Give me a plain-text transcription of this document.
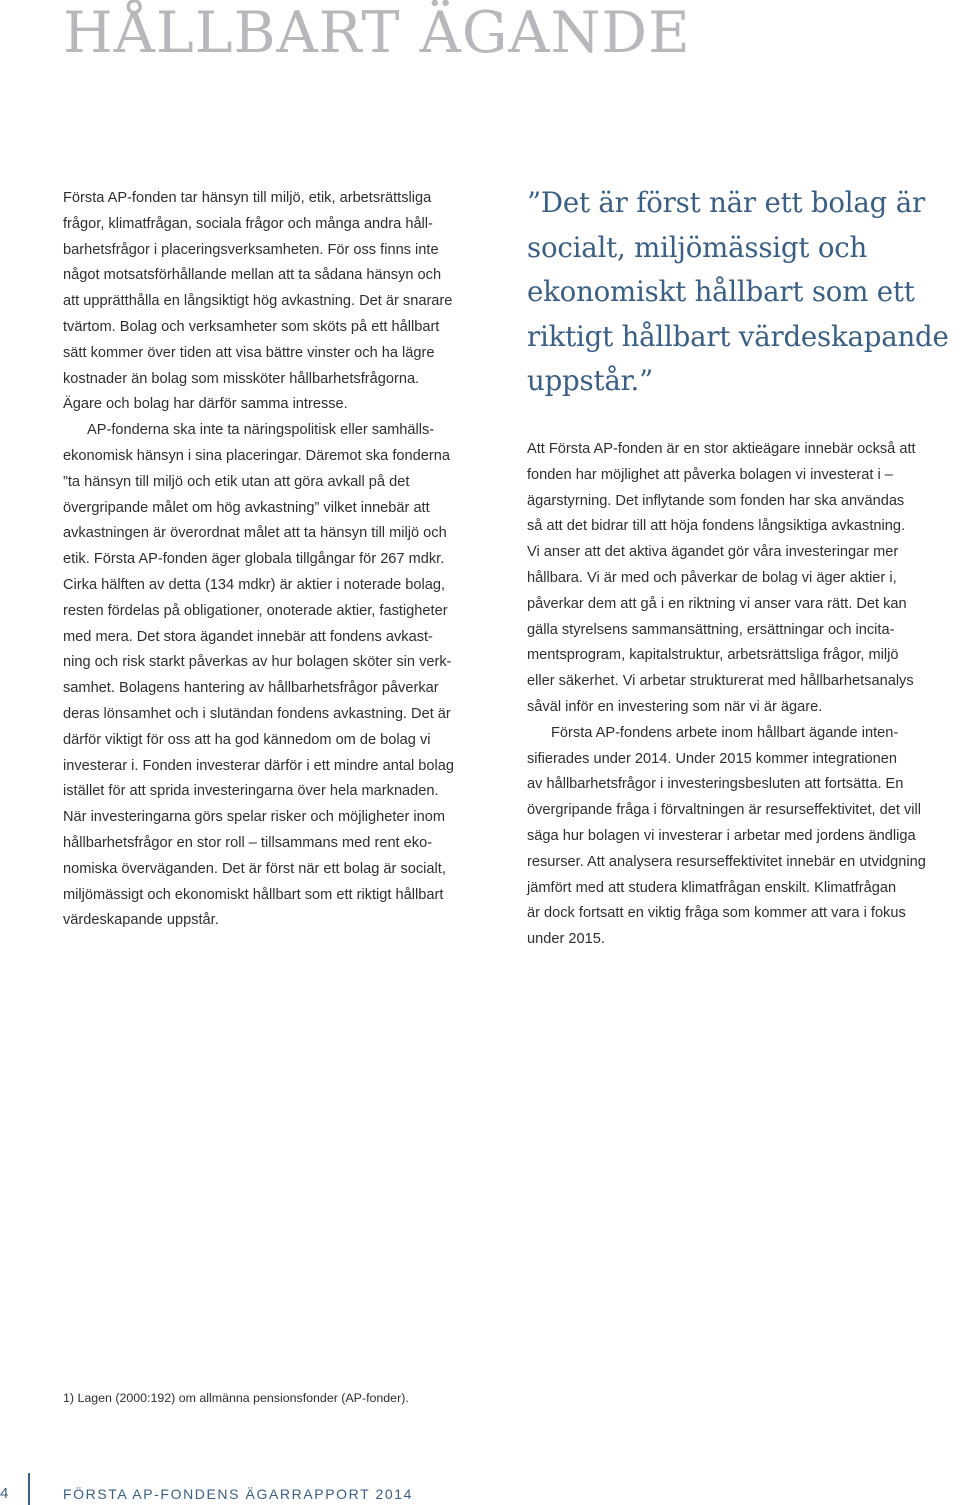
HÅLLBART ÄGANDE
Första AP-fonden tar hänsyn till miljö, etik, arbetsrättsliga
frågor, klimatfrågan, sociala frågor och många andra håll-
barhetsfrågor i placeringsverksamheten. För oss finns inte
något motsatsförhållande mellan att ta sådana hänsyn och
att upprätthålla en långsiktigt hög avkastning. Det är snarare
tvärtom. Bolag och verksamheter som sköts på ett hållbart
sätt kommer över tiden att visa bättre vinster och ha lägre
kostnader än bolag som missköter hållbarhetsfrågorna.
Ägare och bolag har därför samma intresse.
AP-fonderna ska inte ta näringspolitisk eller samhälls-
ekonomisk hänsyn i sina placeringar. Däremot ska fonderna
”ta hänsyn till miljö och etik utan att göra avkall på det
övergripande målet om hög avkastning” vilket innebär att
avkastningen är överordnat målet att ta hänsyn till miljö och
etik. Första AP-fonden äger globala tillgångar för 267 mdkr.
Cirka hälften av detta (134 mdkr) är aktier i noterade bolag,
resten fördelas på obligationer, onoterade aktier, fastigheter
med mera. Det stora ägandet innebär att fondens avkast-
ning och risk starkt påverkas av hur bolagen sköter sin verk-
samhet. Bolagens hantering av hållbarhetsfrågor påverkar
deras lönsamhet och i slutändan fondens avkastning. Det är
därför viktigt för oss att ha god kännedom om de bolag vi
investerar i. Fonden investerar därför i ett mindre antal bolag
istället för att sprida investeringarna över hela marknaden.
När investeringarna görs spelar risker och möjligheter inom
hållbarhetsfrågor en stor roll – tillsammans med rent eko-
nomiska överväganden. Det är först när ett bolag är socialt,
miljömässigt och ekonomiskt hållbart som ett riktigt hållbart
värdeskapande uppstår.
”Det är först när ett bolag är
socialt, miljömässigt och
ekonomiskt hållbart som ett
riktigt hållbart värdeskapande
uppstår.”
Att Första AP-fonden är en stor aktieägare innebär också att
fonden har möjlighet att påverka bolagen vi investerat i –
ägarstyrning. Det inflytande som fonden har ska användas
så att det bidrar till att höja fondens långsiktiga avkastning.
Vi anser att det aktiva ägandet gör våra investeringar mer
hållbara. Vi är med och påverkar de bolag vi äger aktier i,
påverkar dem att gå i en riktning vi anser vara rätt. Det kan
gälla styrelsens sammansättning, ersättningar och incita-
mentsprogram, kapitalstruktur, arbetsrättsliga frågor, miljö
eller säkerhet. Vi arbetar strukturerat med hållbarhetsanalys
såväl inför en investering som när vi är ägare.
Första AP-fondens arbete inom hållbart ägande inten-
sifierades under 2014. Under 2015 kommer integrationen
av hållbarhetsfrågor i investeringsbesluten att fortsätta. En
övergripande fråga i förvaltningen är resurseffektivitet, det vill
säga hur bolagen vi investerar i arbetar med jordens ändliga
resurser. Att analysera resurseffektivitet innebär en utvidgning
jämfört med att studera klimatfrågan enskilt. Klimatfrågan
är dock fortsatt en viktig fråga som kommer att vara i fokus
under 2015.
1) Lagen (2000:192) om allmänna pensionsfonder (AP-fonder).
4	FÖRSTA AP-FONDENS ÄGARRAPPORT 2014
